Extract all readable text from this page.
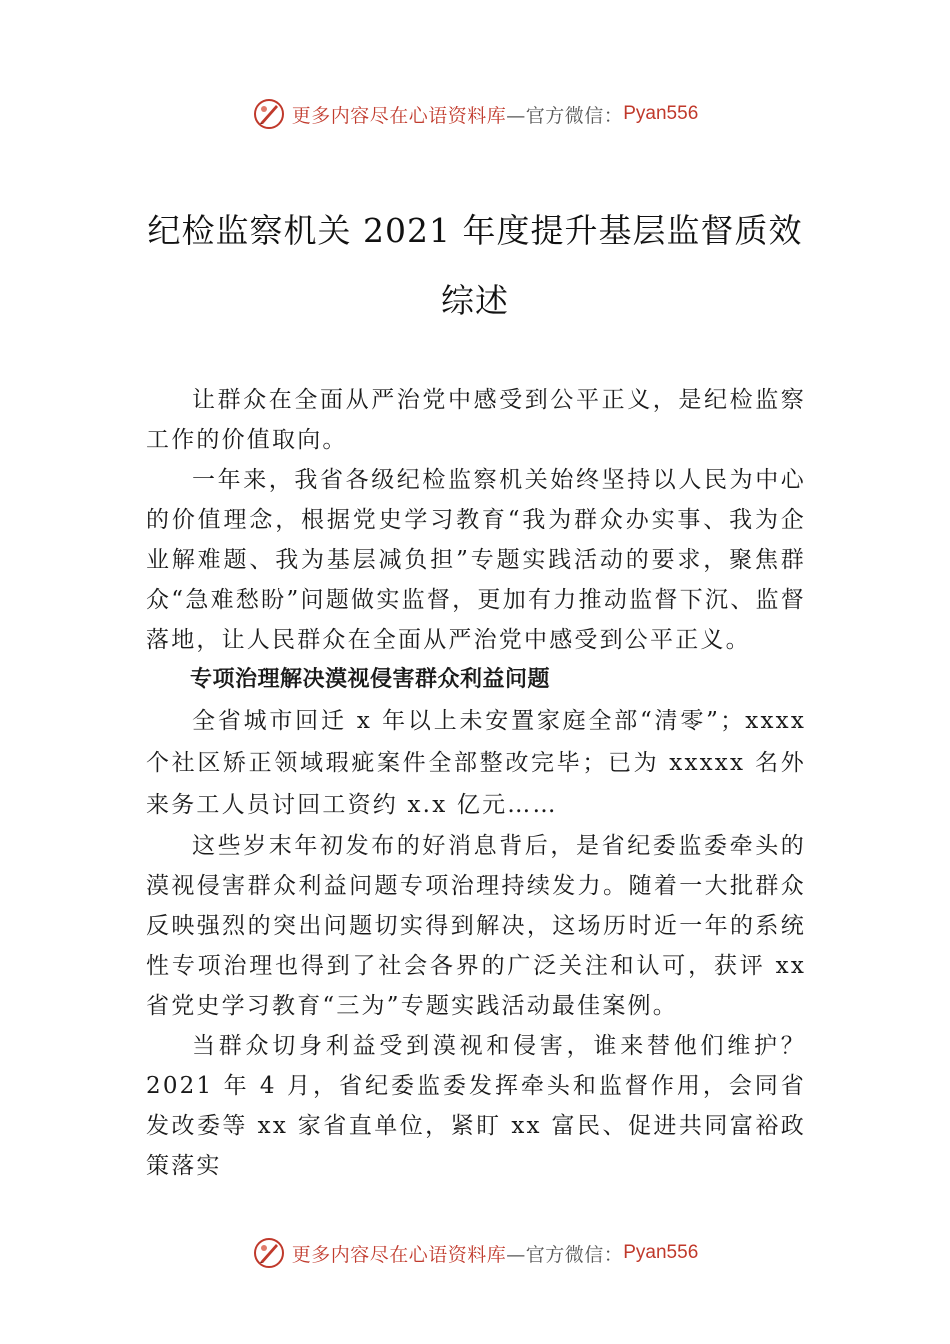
更多内容尽在心语资料库 —官方微信： Pyan556
纪检监察机关 2021 年度提升基层监督质效
综述

让群众在全面从严治党中感受到公平正义，是纪检监察工作的价值取向。

一年来，我省各级纪检监察机关始终坚持以人民为中心的价值理念，根据党史学习教育“我为群众办实事、我为企业解难题、我为基层减负担”专题实践活动的要求，聚焦群众“急难愁盼”问题做实监督，更加有力推动监督下沉、监督落地，让人民群众在全面从严治党中感受到公平正义。

专项治理解决漠视侵害群众利益问题

全省城市回迁 x 年以上未安置家庭全部“清零”；xxxx 个社区矫正领域瑕疵案件全部整改完毕；已为 xxxxx 名外来务工人员讨回工资约 x.x 亿元……

这些岁末年初发布的好消息背后，是省纪委监委牵头的漠视侵害群众利益问题专项治理持续发力。随着一大批群众反映强烈的突出问题切实得到解决，这场历时近一年的系统性专项治理也得到了社会各界的广泛关注和认可，获评 xx 省党史学习教育“三为”专题实践活动最佳案例。

当群众切身利益受到漠视和侵害，谁来替他们维护？2021 年 4 月，省纪委监委发挥牵头和监督作用，会同省发改委等 xx 家省直单位，紧盯 xx 富民、促进共同富裕政策落实

更多内容尽在心语资料库 —官方微信： Pyan556
